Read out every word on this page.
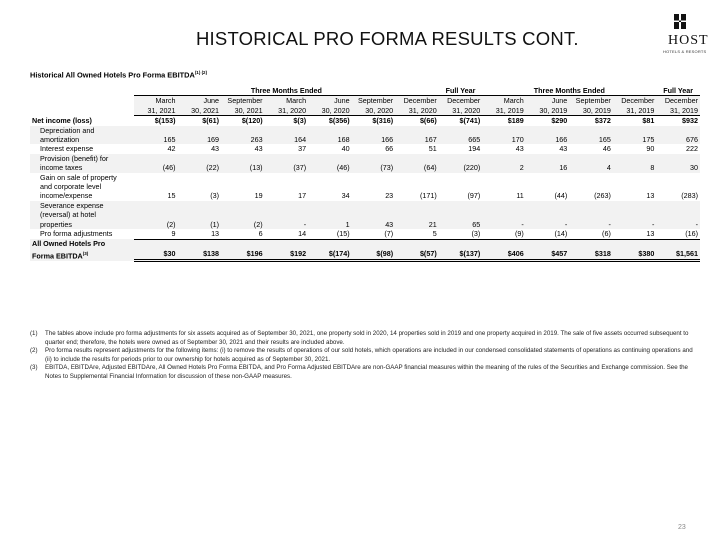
HISTORICAL PRO FORMA RESULTS CONT.	HOST
HOTELS & RESORTS
Historical All Owned Hotels Pro Forma $EBITDA^{(1) (2)}$
	Three Months Ended							Full Year	Three Months Ended				Full Year
	March	June	September	March	June	September	December	December	March	June	September	December	December
	31, 2021	30, 2021	30, 2021	31, 2020	30, 2020	30, 2020	31, 2020	31, 2020	31, 2019	30, 2019	30, 2019	31, 2019	31, 2019
Net income (loss)	$(153)	$(61)	$(120)	$(3)	$(356)	$(316)	$(66)	$(741)	$189	$290	$372	$81	$932
Depreciation and													
amortization	165	169	263	164	168	166	167	665	170	166	165	175	676
Interest expense	42	43	43	37	40	66	51	194	43	43	46	90	222
Provision (benefit) for													
income taxes	(46)	(22)	(13)	(37)	(46)	(73)	(64)	(220)	2	16	4	8	30
Gain on sale of property													
and corporate level													
income/expense	15	(3)	19	17	34	23	(171)	(97)	11	(44)	(263)	13	(283)
Severance expense													
(reversal) at hotel													
properties	(2)	(1)	(2)	-	1	43	21	65	-	-	-	-	-
Pro forma adjustments	9	13	6	14	(15)	(7)	5	(3)	(9)	(14)	(6)	13	(16)
All Owned Hotels Pro													
Forma EBITDA$^{(3)}$	$30	$138	$196	$192	$(174)	$(98)	$(57)	$(137)	$406	$457	$318	$380	$1,561
(1)	The tables above include pro forma adjustments for six assets acquired as of September 30, 2021, one property sold in 2020, 14 properties sold in 2019 and one property acquired in 2019. The sale of five assets occurred subsequent to quarter end; therefore, the hotels were owned as of September 30, 2021 and their results are included above.
(2)	Pro forma results represent adjustments for the following items: (i) to remove the results of operations of our sold hotels, which operations are included in our condensed consolidated statements of operations as continuing operations and (ii) to include the results for periods prior to our ownership for hotels acquired as of September 30, 2021.
(3)	EBITDA, EBITDAre, Adjusted EBITDAre, All Owned Hotels Pro Forma EBITDA, and Pro Forma Adjusted EBITDAre are non-GAAP financial measures within the meaning of the rules of the Securities and Exchange commission. See the Notes to Supplemental Financial Information for discussion of these non-GAAP measures.
23
